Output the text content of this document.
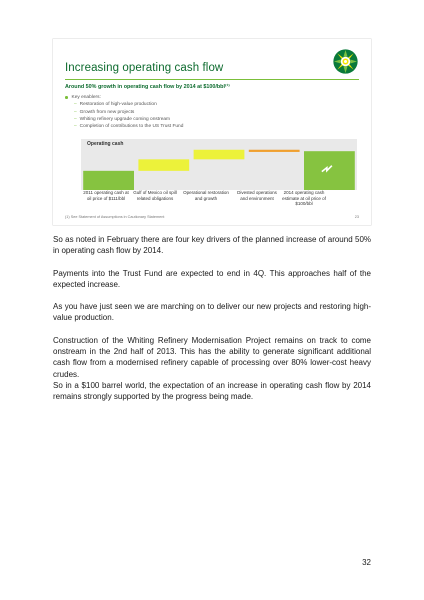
Increasing operating cash flow
Around 50% growth in operating cash flow by 2014 at $100/bbl⁽¹⁾
Key enablers:
– Restoration of high-value production
– Growth from new projects
– Whiting refinery upgrade coming onstream
– Completion of contributions to the US Trust Fund
Operating cash
2011 operating cash at oil price of $111/bbl
Gulf of Mexico oil spill related obligations
Operational restoration and growth
Divested operations and environment
2014 operating cash estimate at oil price of $100/bbl
(1) See Statement of Assumptions in Cautionary Statement	23
So as noted in February there are four key drivers of the planned increase of around 50% in operating cash flow by 2014.
Payments into the Trust Fund are expected to end in 4Q. This approaches half of the expected increase.
As you have just seen we are marching on to deliver our new projects and restoring high-value production.
Construction of the Whiting Refinery Modernisation Project remains on track to come onstream in the 2nd half of 2013. This has the ability to generate significant additional cash flow from a modernised refinery capable of processing over 80% lower-cost heavy crudes.
So in a $100 barrel world, the expectation of an increase in operating cash flow by 2014 remains strongly supported by the progress being made.
32
